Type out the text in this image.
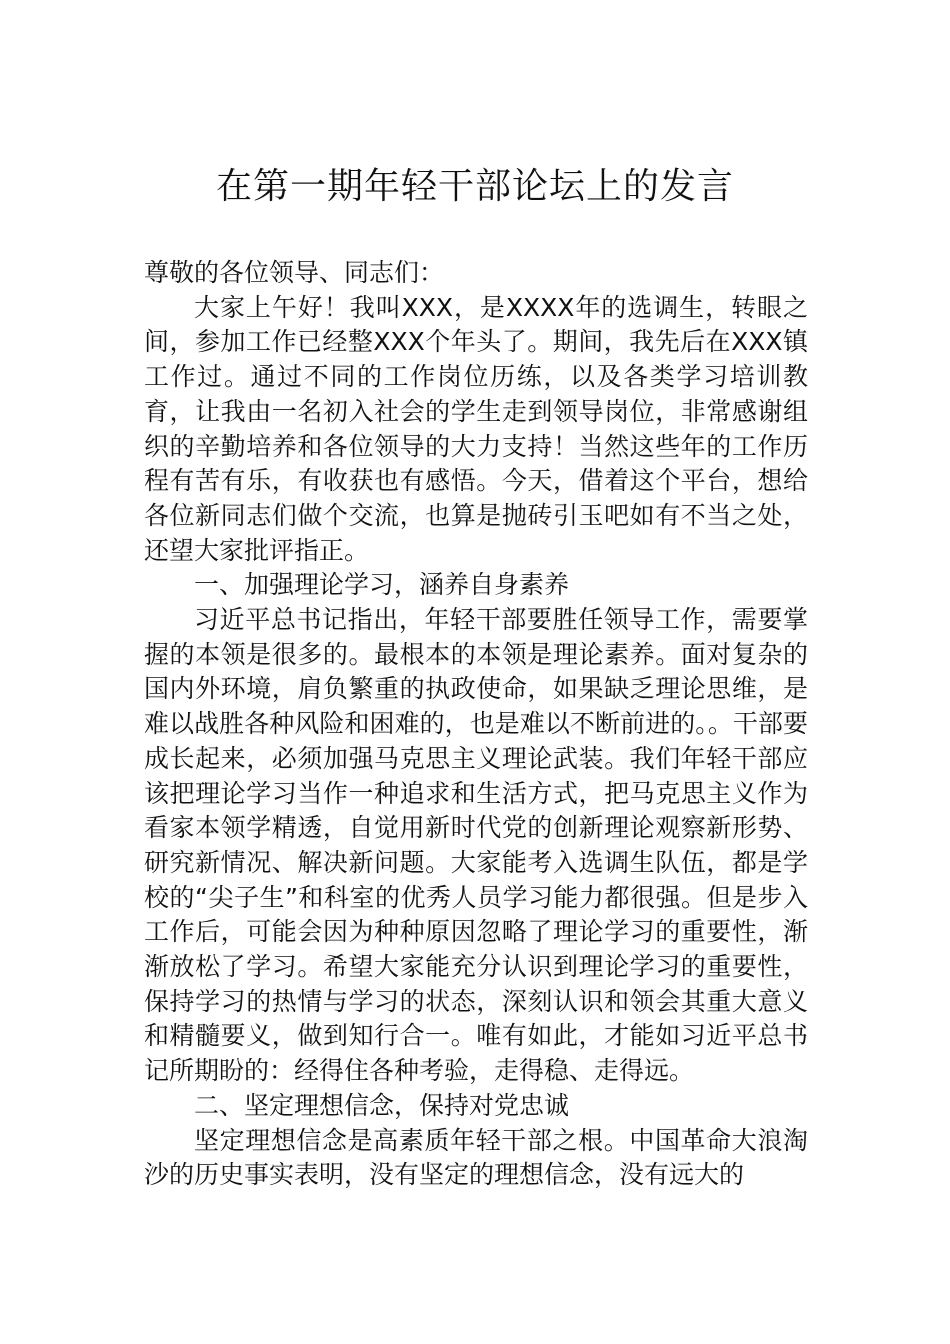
在第一期年轻干部论坛上的发言

尊敬的各位领导、同志们：

大家上午好！我叫XXX，是XXXX年的选调生，转眼之间，参加工作已经整XXX个年头了。期间，我先后在XXX镇工作过。通过不同的工作岗位历练，以及各类学习培训教育，让我由一名初入社会的学生走到领导岗位，非常感谢组织的辛勤培养和各位领导的大力支持！当然这些年的工作历程有苦有乐，有收获也有感悟。今天，借着这个平台，想给各位新同志们做个交流，也算是抛砖引玉吧如有不当之处，还望大家批评指正。

一、加强理论学习，涵养自身素养

习近平总书记指出，年轻干部要胜任领导工作，需要掌握的本领是很多的。最根本的本领是理论素养。面对复杂的国内外环境，肩负繁重的执政使命，如果缺乏理论思维，是难以战胜各种风险和困难的，也是难以不断前进的。。干部要成长起来，必须加强马克思主义理论武装。我们年轻干部应该把理论学习当作一种追求和生活方式，把马克思主义作为看家本领学精透，自觉用新时代党的创新理论观察新形势、研究新情况、解决新问题。大家能考入选调生队伍，都是学校的“尖子生”和科室的优秀人员学习能力都很强。但是步入工作后，可能会因为种种原因忽略了理论学习的重要性，渐渐放松了学习。希望大家能充分认识到理论学习的重要性，保持学习的热情与学习的状态，深刻认识和领会其重大意义和精髓要义，做到知行合一。唯有如此，才能如习近平总书记所期盼的：经得住各种考验，走得稳、走得远。

二、坚定理想信念，保持对党忠诚

坚定理想信念是高素质年轻干部之根。中国革命大浪淘沙的历史事实表明，没有坚定的理想信念，没有远大的
